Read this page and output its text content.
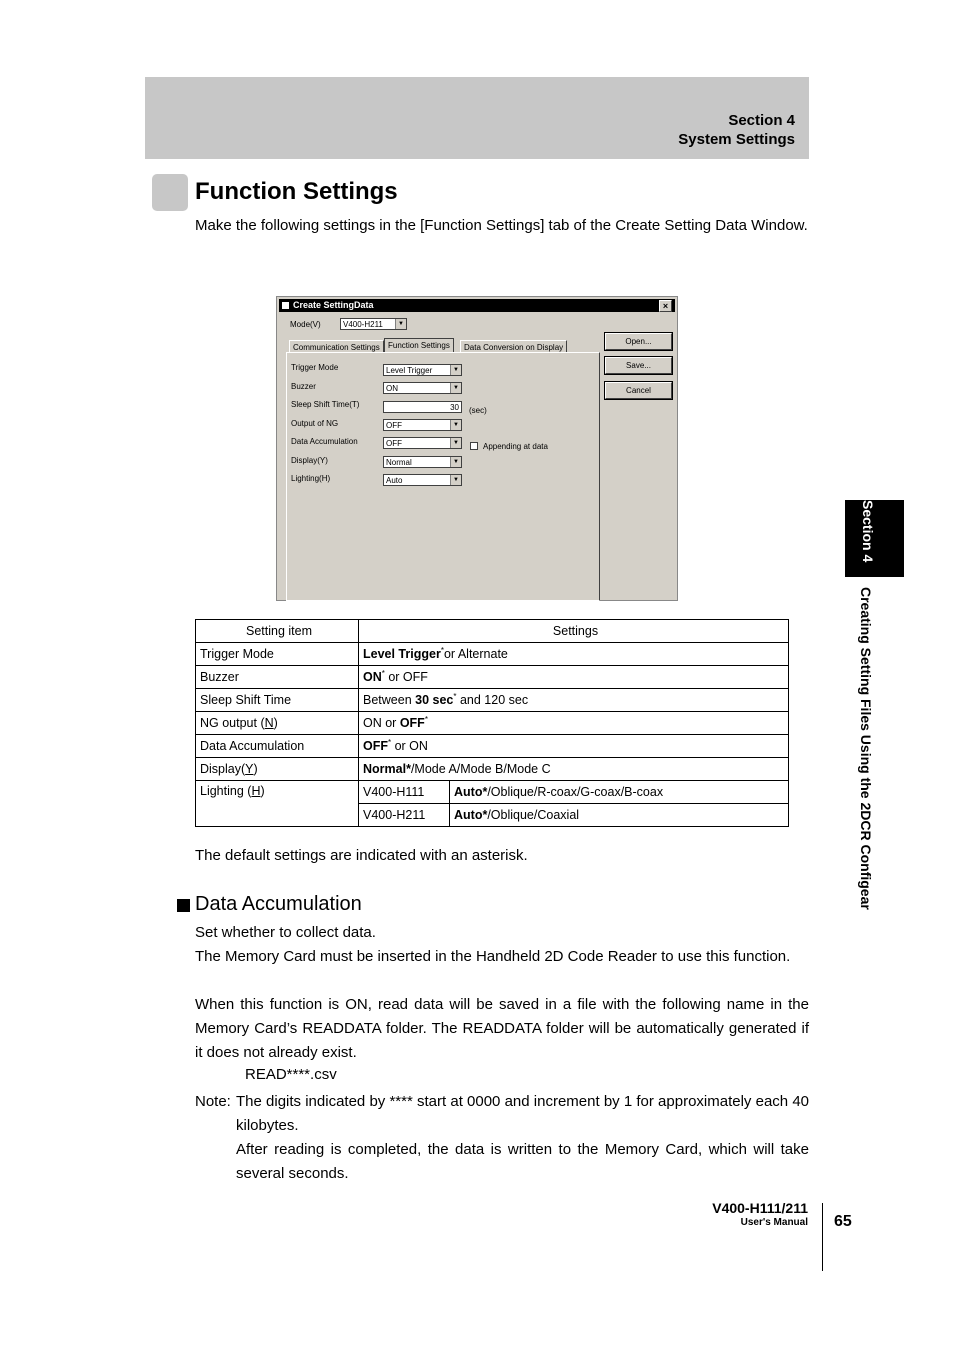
Section 4
System Settings
Function Settings
Make the following settings in the [Function Settings] tab of the Create Setting Data Window.
Create SettingData	×
Mode(V)	V400-H211	▼
Communication Settings	Function Settings	Data Conversion on Display
Trigger Mode	Level Trigger	▼
Buzzer	ON	▼
Sleep Shift Time(T)	30	(sec)
Output of NG	OFF	▼
Data Accumulation	OFF	▼	Appending at data
Display(Y)	Normal	▼
Lighting(H)	Auto	▼
Open...
Save...
Cancel
Setting item	Settings	
Trigger Mode	Level Trigger*or Alternate	
Buzzer	ON* or OFF	
Sleep Shift Time	Between 30 sec* and 120 sec	
NG output (N)	ON or OFF*
Data Accumulation	OFF* or ON	
Display(Y)	Normal*/Mode A/Mode B/Mode C	
Lighting (H)	V400-H111	Auto*/Oblique/R-coax/G-coax/B-coax
	V400-H211	Auto*/Oblique/Coaxial
The default settings are indicated with an asterisk.
Data Accumulation
Set whether to collect data.
The Memory Card must be inserted in the Handheld 2D Code Reader to use this function.
When this function is ON, read data will be saved in a file with the following name in the Memory Card’s READDATA folder. The READDATA folder will be automatically generated if it does not already exist.
READ****.csv
Note: The digits indicated by **** start at 0000 and increment by 1 for approximately each 40 kilobytes.
After reading is completed, the data is written to the Memory Card, which will take several seconds.
Section 4
Creating Setting Files Using the 2DCR Configear
V400-H111/211
User's Manual 65
